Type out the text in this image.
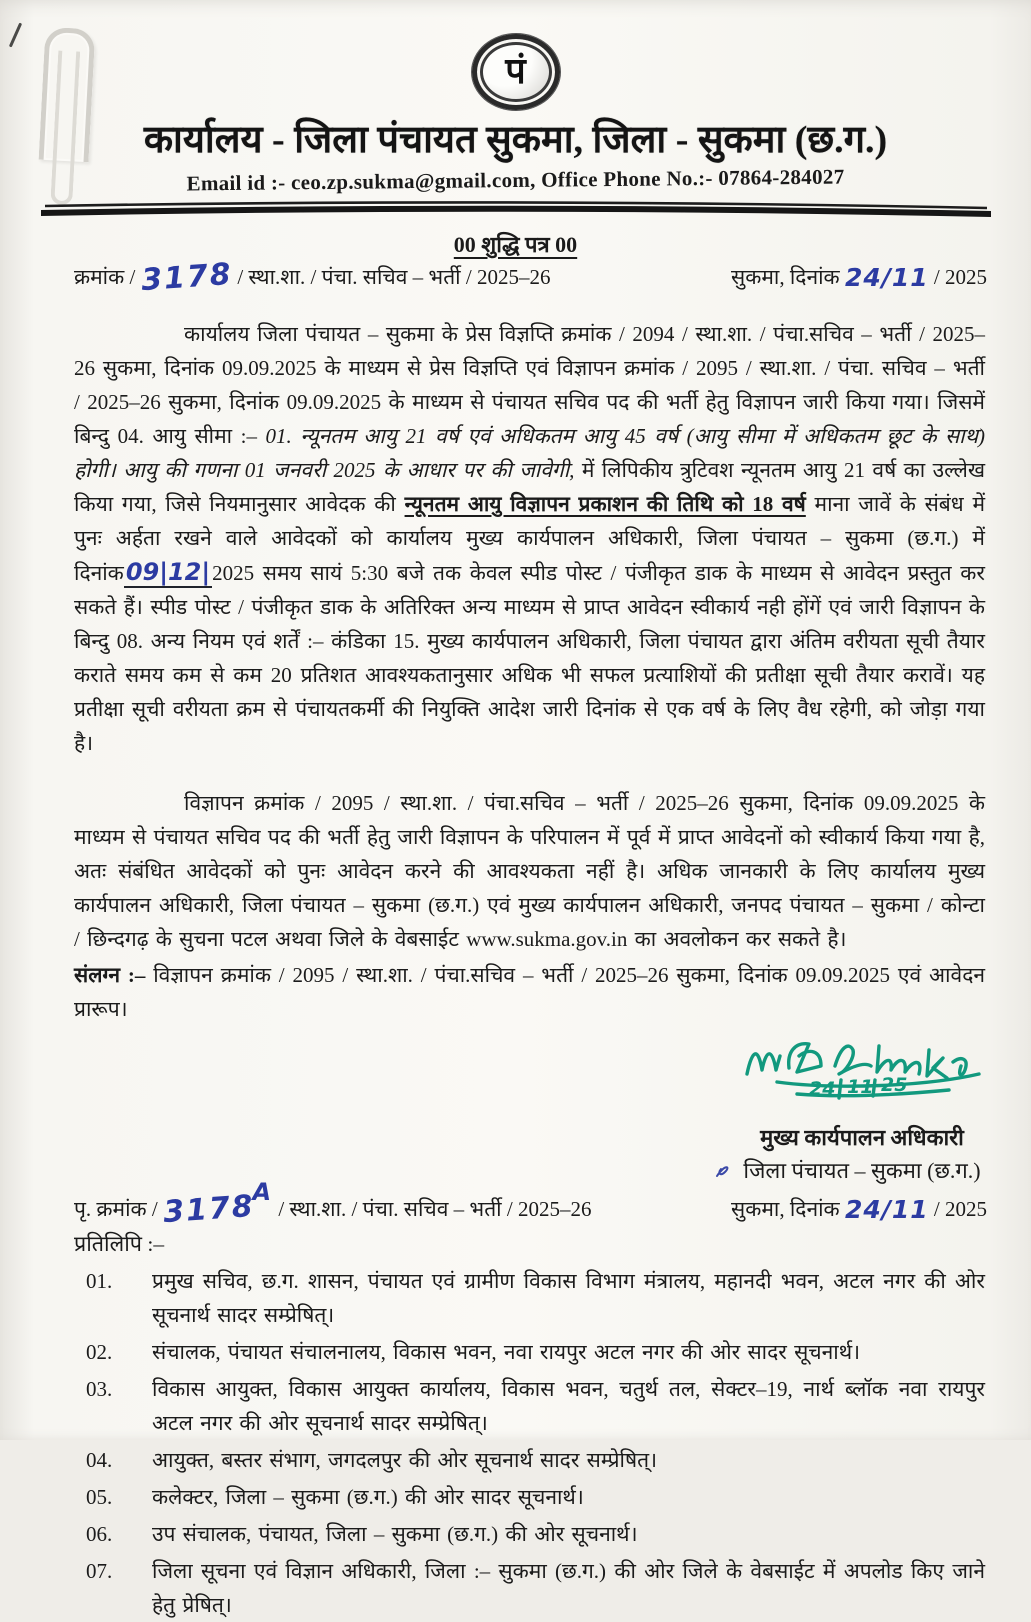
पं
कार्यालय - जिला पंचायत सुकमा, जिला - सुकमा (छ.ग.)
Email id :- ceo.zp.sukma@gmail.com, Office Phone No.:- 07864-284027
00 शुद्धि पत्र 00
क्रमांक / 3178 / स्था.शा. / पंचा. सचिव – भर्ती / 2025–26	सुकमा, दिनांक 24/11 / 2025
कार्यालय जिला पंचायत – सुकमा के प्रेस विज्ञप्ति क्रमांक / 2094 / स्था.शा. / पंचा.सचिव – भर्ती / 2025–26 सुकमा, दिनांक 09.09.2025 के माध्यम से प्रेस विज्ञप्ति एवं विज्ञापन क्रमांक / 2095 / स्था.शा. / पंचा. सचिव – भर्ती / 2025–26 सुकमा, दिनांक 09.09.2025 के माध्यम से पंचायत सचिव पद की भर्ती हेतु विज्ञापन जारी किया गया। जिसमें बिन्दु 04. आयु सीमा :– 01. न्यूनतम आयु 21 वर्ष एवं अधिकतम आयु 45 वर्ष (आयु सीमा में अधिकतम छूट के साथ) होगी। आयु की गणना 01 जनवरी 2025 के आधार पर की जावेगी, में लिपिकीय त्रुटिवश न्यूनतम आयु 21 वर्ष का उल्लेख किया गया, जिसे नियमानुसार आवेदक की न्यूनतम आयु विज्ञापन प्रकाशन की तिथि को 18 वर्ष माना जावें के संबंध में पुनः अर्हता रखने वाले आवेदकों को कार्यालय मुख्य कार्यपालन अधिकारी, जिला पंचायत – सुकमा (छ.ग.) में दिनांक09|12|2025 समय सायं 5:30 बजे तक केवल स्पीड पोस्ट / पंजीकृत डाक के माध्यम से आवेदन प्रस्तुत कर सकते हैं। स्पीड पोस्ट / पंजीकृत डाक के अतिरिक्त अन्य माध्यम से प्राप्त आवेदन स्वीकार्य नही होंगें एवं जारी विज्ञापन के बिन्दु 08. अन्य नियम एवं शर्तें :– कंडिका 15. मुख्य कार्यपालन अधिकारी, जिला पंचायत द्वारा अंतिम वरीयता सूची तैयार कराते समय कम से कम 20 प्रतिशत आवश्यकतानुसार अधिक भी सफल प्रत्याशियों की प्रतीक्षा सूची तैयार करावें। यह प्रतीक्षा सूची वरीयता क्रम से पंचायतकर्मी की नियुक्ति आदेश जारी दिनांक से एक वर्ष के लिए वैध रहेगी, को जोड़ा गया है।
विज्ञापन क्रमांक / 2095 / स्था.शा. / पंचा.सचिव – भर्ती / 2025–26 सुकमा, दिनांक 09.09.2025 के माध्यम से पंचायत सचिव पद की भर्ती हेतु जारी विज्ञापन के परिपालन में पूर्व में प्राप्त आवेदनों को स्वीकार्य किया गया है, अतः संबंधित आवेदकों को पुनः आवेदन करने की आवश्यकता नहीं है। अधिक जानकारी के लिए कार्यालय मुख्य कार्यपालन अधिकारी, जिला पंचायत – सुकमा (छ.ग.) एवं मुख्य कार्यपालन अधिकारी, जनपद पंचायत – सुकमा / कोन्टा / छिन्दगढ़ के सुचना पटल अथवा जिले के वेबसाईट www.sukma.gov.in का अवलोकन कर सकते है।
संलग्न :– विज्ञापन क्रमांक / 2095 / स्था.शा. / पंचा.सचिव – भर्ती / 2025–26 सुकमा, दिनांक 09.09.2025 एवं आवेदन प्रारूप।
24 11 25
मुख्य कार्यपालन अधिकारी
जिला पंचायत – सुकमा (छ.ग.)
पृ. क्रमांक / 3178A / स्था.शा. / पंचा. सचिव – भर्ती / 2025–26	सुकमा, दिनांक 24/11 / 2025
प्रतिलिपि :–
01.	प्रमुख सचिव, छ.ग. शासन, पंचायत एवं ग्रामीण विकास विभाग मंत्रालय, महानदी भवन, अटल नगर की ओर सूचनार्थ सादर सम्प्रेषित्।
02.	संचालक, पंचायत संचालनालय, विकास भवन, नवा रायपुर अटल नगर की ओर सादर सूचनार्थ।
03.	विकास आयुक्त, विकास आयुक्त कार्यालय, विकास भवन, चतुर्थ तल, सेक्टर–19, नार्थ ब्लॉक नवा रायपुर अटल नगर की ओर सूचनार्थ सादर सम्प्रेषित्।
04.	आयुक्त, बस्तर संभाग, जगदलपुर की ओर सूचनार्थ सादर सम्प्रेषित्।
05.	कलेक्टर, जिला – सुकमा (छ.ग.) की ओर सादर सूचनार्थ।
06.	उप संचालक, पंचायत, जिला – सुकमा (छ.ग.) की ओर सूचनार्थ।
07.	जिला सूचना एवं विज्ञान अधिकारी, जिला :– सुकमा (छ.ग.) की ओर जिले के वेबसाईट में अपलोड किए जाने हेतु प्रेषित्।
